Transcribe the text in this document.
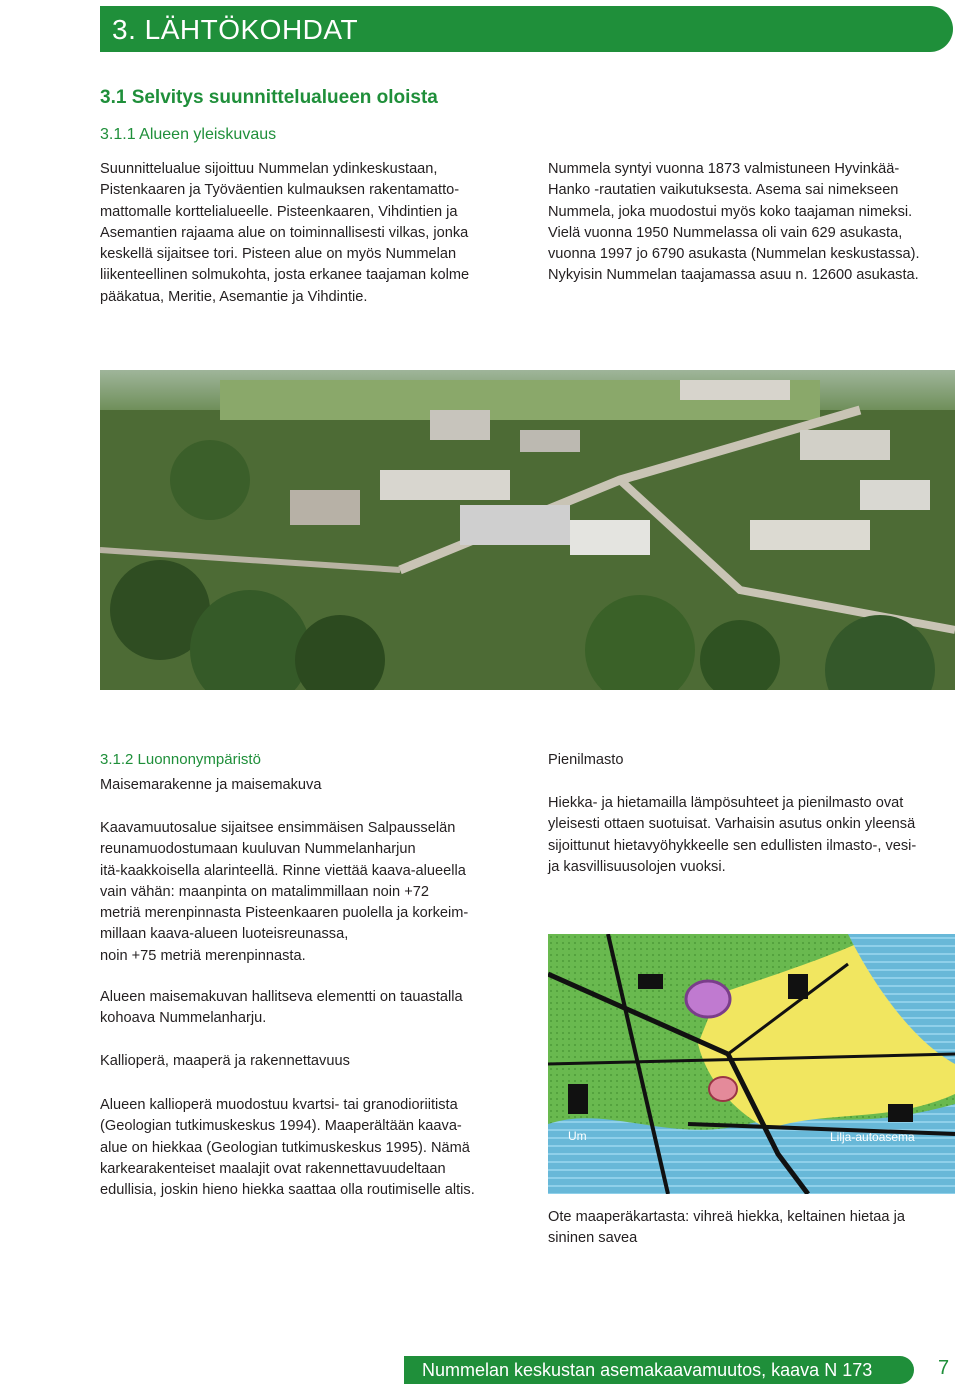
3. LÄHTÖKOHDAT
3.1 Selvitys suunnittelualueen oloista
3.1.1 Alueen yleiskuvaus
Suunnittelualue sijoittuu Nummelan ydinkeskustaan,
Pistenkaaren ja Työväentien kulmauksen rakentamatto-
mattomalle korttelialueelle. Pisteenkaaren, Vihdintien ja
Asemantien rajaama alue on toiminnallisesti vilkas, jonka
keskellä sijaitsee tori. Pisteen alue on myös Nummelan
liikenteellinen solmukohta, josta erkanee taajaman kolme
pääkatua, Meritie, Asemantie ja Vihdintie.
Nummela syntyi vuonna 1873 valmistuneen Hyvinkää-
Hanko -rautatien vaikutuksesta. Asema sai nimekseen
Nummela, joka muodostui myös koko taajaman nimeksi.
Vielä vuonna 1950 Nummelassa oli vain 629 asukasta,
vuonna 1997 jo 6790 asukasta (Nummelan keskustassa).
Nykyisin Nummelan taajamassa asuu n. 12600 asukasta.
3.1.2 Luonnonympäristö
Maisemarakenne ja maisemakuva
Kaavamuutosalue sijaitsee ensimmäisen Salpausselän
reunamuodostumaan kuuluvan Nummelanharjun
itä-kaakkoisella alarinteellä. Rinne viettää kaava-alueella
vain vähän: maanpinta on matalimmillaan noin +72
metriä merenpinnasta Pisteenkaaren puolella ja korkeim-
millaan kaava-alueen luoteisreunassa,
noin +75 metriä merenpinnasta.
Alueen maisemakuvan hallitseva elementti on tauastalla
kohoava Nummelanharju.
Kallioperä, maaperä ja rakennettavuus
Alueen kallioperä muodostuu kvartsi- tai granodioriitista
(Geologian tutkimuskeskus 1994). Maaperältään kaava-
alue on hiekkaa (Geologian tutkimuskeskus 1995). Nämä
karkearakenteiset maalajit ovat rakennettavuudeltaan
edullisia, joskin hieno hiekka saattaa olla routimiselle altis.
Pienilmasto
Hiekka- ja hietamailla lämpösuhteet ja pienilmasto ovat
yleisesti ottaen suotuisat. Varhaisin asutus onkin yleensä
sijoittunut hietavyöhykkeelle sen edullisten ilmasto-, vesi-
ja kasvillisuusolojen vuoksi.
Um	Lilja-autoasema
Ote maaperäkartasta: vihreä hiekka, keltainen hietaa ja
sininen savea
Nummelan keskustan asemakaavamuutos, kaava N 173	7
